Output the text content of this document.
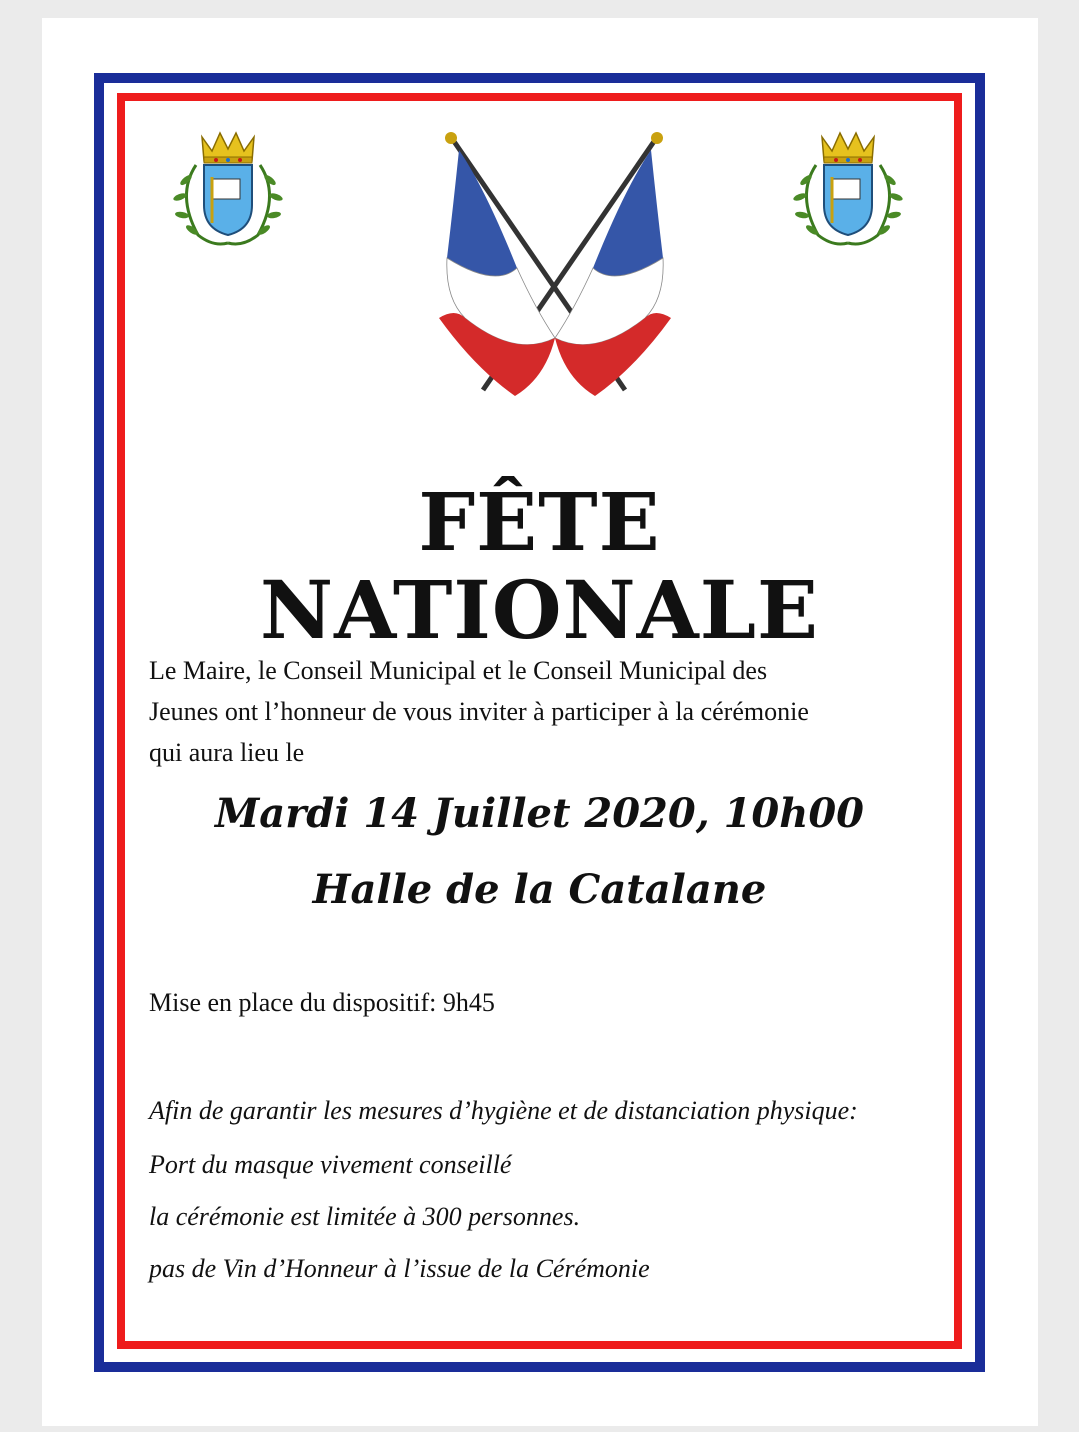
FÊTE NATIONALE

Le Maire, le Conseil Municipal et le Conseil Municipal des
Jeunes ont l’honneur de vous inviter à participer à la cérémonie
qui aura lieu le

Mardi 14 Juillet 2020, 10h00
Halle de la Catalane
Mise en place du dispositif: 9h45

Afin de garantir les mesures d’hygiène et de distanciation physique:

Port du masque vivement conseillé

la cérémonie est limitée à 300 personnes.

pas de Vin d’Honneur à l’issue de la Cérémonie
